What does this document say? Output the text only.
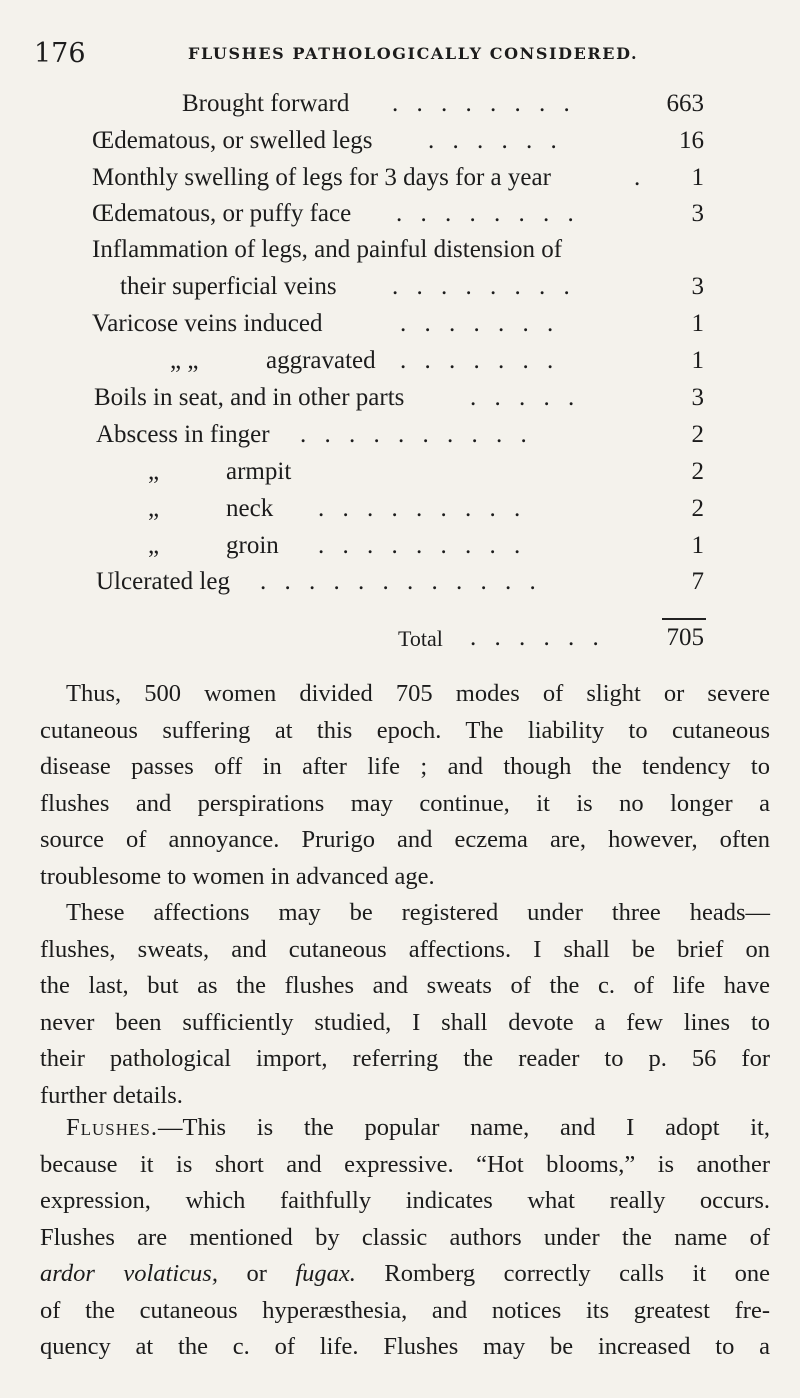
176	FLUSHES PATHOLOGICALLY CONSIDERED.
Brought forward . . . . . . . .	663
Œdematous, or swelled legs . . . . . .	16
Monthly swelling of legs for 3 days for a year	. 1
Œdematous, or puffy face . . . . . . . .	3
Inflammation of legs, and painful distension of
their superficial veins . . . . . . . .	3
Varicose veins induced	. . . . . . .	1
„ „	aggravated . . . . . . .	1
Boils in seat, and in other parts	. . . . .	3
Abscess in finger . . . . . . . . . .	2
„	armpit	2
„	neck . . . . . . . . .	2
„	groin . . . . . . . . .	1
Ulcerated leg . . . . . . . . . . . .	7
Total . . . . . . 705

Thus, 500 women divided 705 modes of slight or severe
cutaneous suffering at this epoch. The liability to cutaneous
disease passes off in after life ; and though the tendency to
flushes and perspirations may continue, it is no longer a
source of annoyance. Prurigo and eczema are, however, often
troublesome to women in advanced age.

These affections may be registered under three heads—
flushes, sweats, and cutaneous affections. I shall be brief on
the last, but as the flushes and sweats of the c. of life have
never been sufficiently studied, I shall devote a few lines to
their pathological import, referring the reader to p. 56 for
further details.

Flushes.—This is the popular name, and I adopt it,
because it is short and expressive. “Hot blooms,” is another
expression, which faithfully indicates what really occurs.
Flushes are mentioned by classic authors under the name of
ardor volaticus, or fugax. Romberg correctly calls it one
of the cutaneous hyperæsthesia, and notices its greatest fre-
quency at the c. of life. Flushes may be increased to a
